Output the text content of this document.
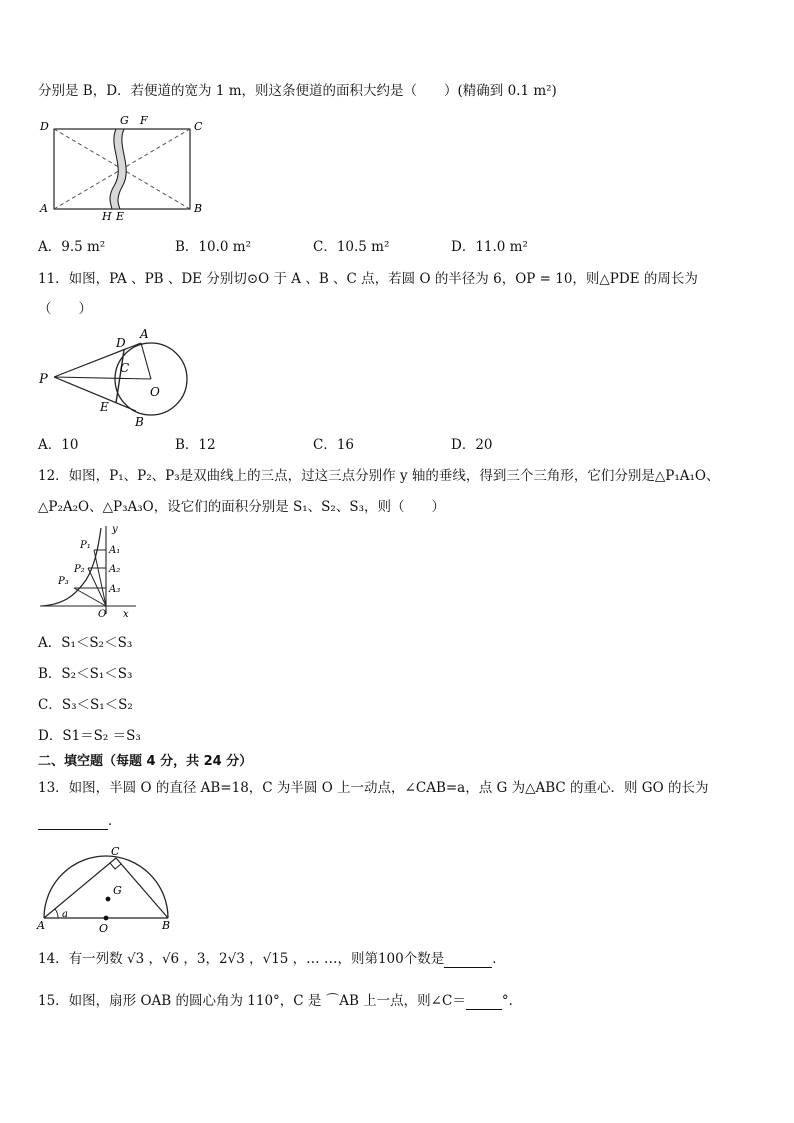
分别是 B，D．若便道的宽为 1 m，则这条便道的面积大约是（　　）(精确到 0.1 m²)
D	G F	C
A
H E
B
A．9.5 m²	B．10.0 m²	C．10.5 m²	D．11.0 m²
11．如图，PA 、PB 、DE 分别切⊙O 于 A 、B 、C 点，若圆 O 的半径为 6，OP = 10，则△PDE 的周长为
（　　）
P
D
A
C
O
E
B
A．10	B．12	C．16	D．20
12．如图，P₁、P₂、P₃是双曲线上的三点，过这三点分别作 y 轴的垂线，得到三个三角形，它们分别是△P₁A₁O、
△P₂A₂O、△P₃A₃O，设它们的面积分别是 S₁、S₂、S₃，则（　　）
y
P₁ A₁
P₂ A₂
P₃
A₃
O x
A．S₁＜S₂＜S₃
B．S₂＜S₁＜S₃
C．S₃＜S₁＜S₂
D．S1＝S₂ ＝S₃
二、填空题（每题 4 分，共 24 分）
13．如图，半圆 O 的直径 AB=18，C 为半圆 O 上一动点，∠CAB=a，点 G 为△ABC 的重心．则 GO 的长为
．
C
G
A
a
O	B
14．有一列数 √3 ，√6 ，3，2√3 ，√15 ，… …，则第100个数是	．
15．如图，扇形 OAB 的圆心角为 110°，C 是 ⌒AB 上一点，则∠C＝	°．
